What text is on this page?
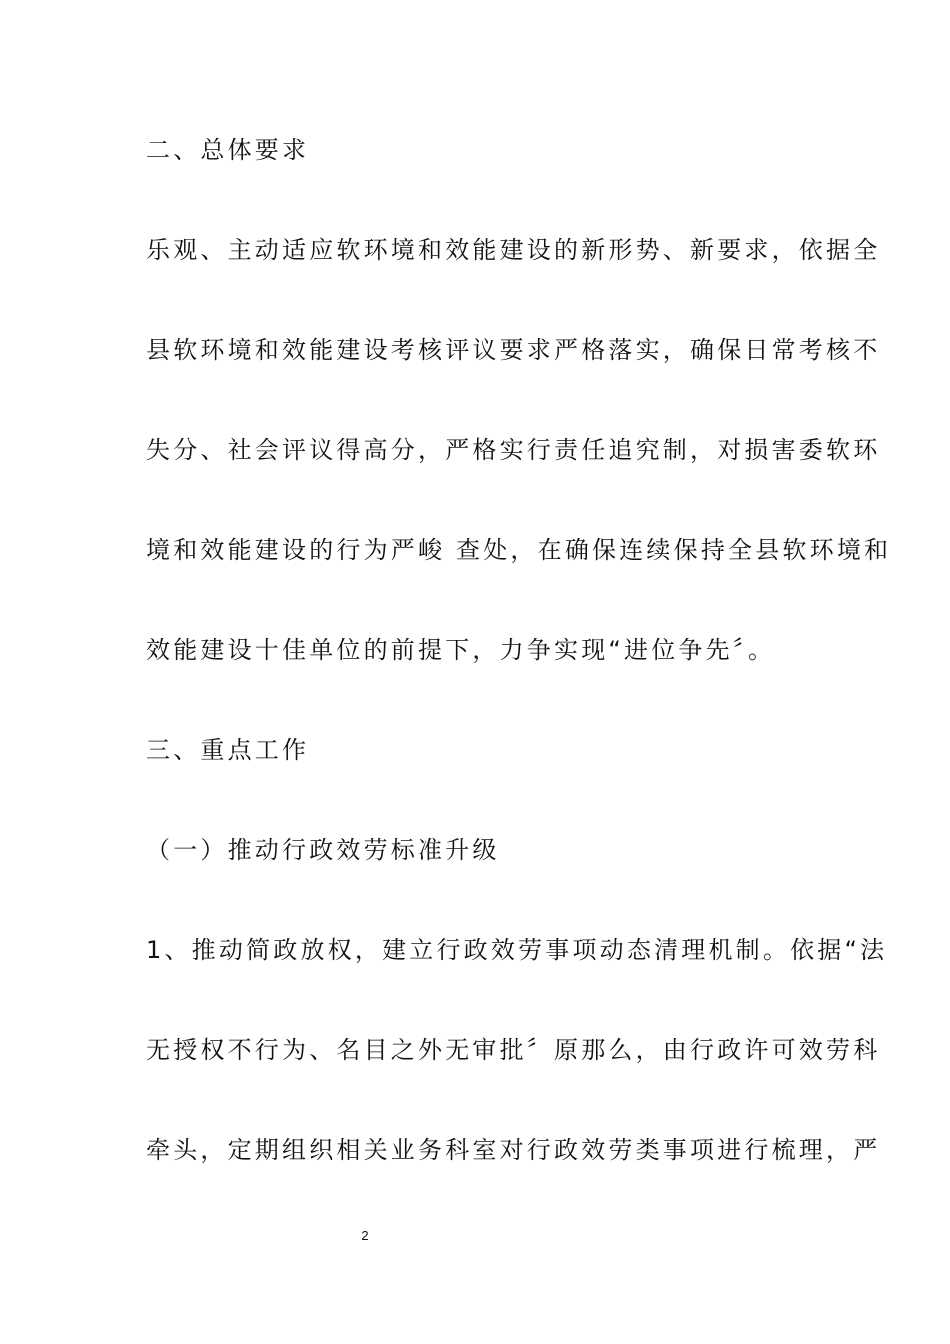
二、总体要求
乐观、主动适应软环境和效能建设的新形势、新要求，依据全
县软环境和效能建设考核评议要求严格落实，确保日常考核不
失分、社会评议得高分，严格实行责任追究制，对损害委软环
境和效能建设的行为严峻 查处，在确保连续保持全县软环境和
效能建设十佳单位的前提下，力争实现“进位争先〞。
三、重点工作
（一）推动行政效劳标准升级
1、推动简政放权，建立行政效劳事项动态清理机制。依据“法
无授权不行为、名目之外无审批〞原那么，由行政许可效劳科
牵头，定期组织相关业务科室对行政效劳类事项进行梳理，严
2
